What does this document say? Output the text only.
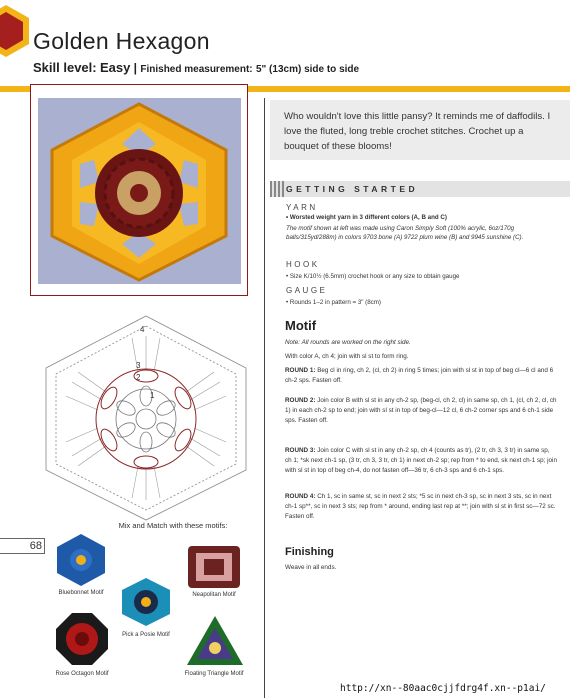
Golden Hexagon
Skill level: Easy | Finished measurement: 5" (13cm) side to side
4
3
2
1
Who wouldn't love this little pansy? It reminds me of daffodils. I love the fluted, long treble crochet stitches. Crochet up a bouquet of these blooms!
GETTING STARTED
YARN
• Worsted weight yarn in 3 different colors (A, B and C)
The motif shown at left was made using Caron Simply Soft (100% acrylic, 6oz/170g balls/315yd/288m) in colors 9703 bone (A) 9722 plum wine (B) and 9945 sunshine (C).
HOOK
• Size K/10½ (6.5mm) crochet hook or any size to obtain gauge
GAUGE
• Rounds 1–2 in pattern = 3" (8cm)
Motif
Note: All rounds are worked on the right side.
With color A, ch 4; join with sl st to form ring.
ROUND 1: Beg cl in ring, ch 2, (cl, ch 2) in ring 5 times; join with sl st in top of beg cl—6 cl and 6 ch-2 sps. Fasten off.
ROUND 2: Join color B with sl st in any ch-2 sp, (beg-cl, ch 2, cl) in same sp, ch 1, (cl, ch 2, cl, ch 1) in each ch-2 sp to end; join with sl st in top of beg-cl—12 cl, 6 ch-2 corner sps and 6 ch-1 side sps. Fasten off.
ROUND 3: Join color C with sl st in any ch-2 sp, ch 4 (counts as tr), (2 tr, ch 3, 3 tr) in same sp, ch 1; *sk next ch-1 sp, (3 tr, ch 3, 3 tr, ch 1) in next ch-2 sp; rep from * to end, sk next ch-1 sp; join with sl st in top of beg ch-4, do not fasten off—36 tr, 6 ch-3 sps and 6 ch-1 sps.
ROUND 4: Ch 1, sc in same st, sc in next 2 sts; *5 sc in next ch-3 sp, sc in next 3 sts, sc in next ch-1 sp**, sc in next 3 sts; rep from * around, ending last rep at **; join with sl st in first sc—72 sc. Fasten off.
Finishing
Weave in all ends.
68
Mix and Match with these motifs:
Bluebonnet Motif	Neapolitan Motif
Pick a Posie Motif
Rose Octagon Motif	Floating Triangle Motif
http://xn--80aac0cjjfdrg4f.xn--p1ai/
